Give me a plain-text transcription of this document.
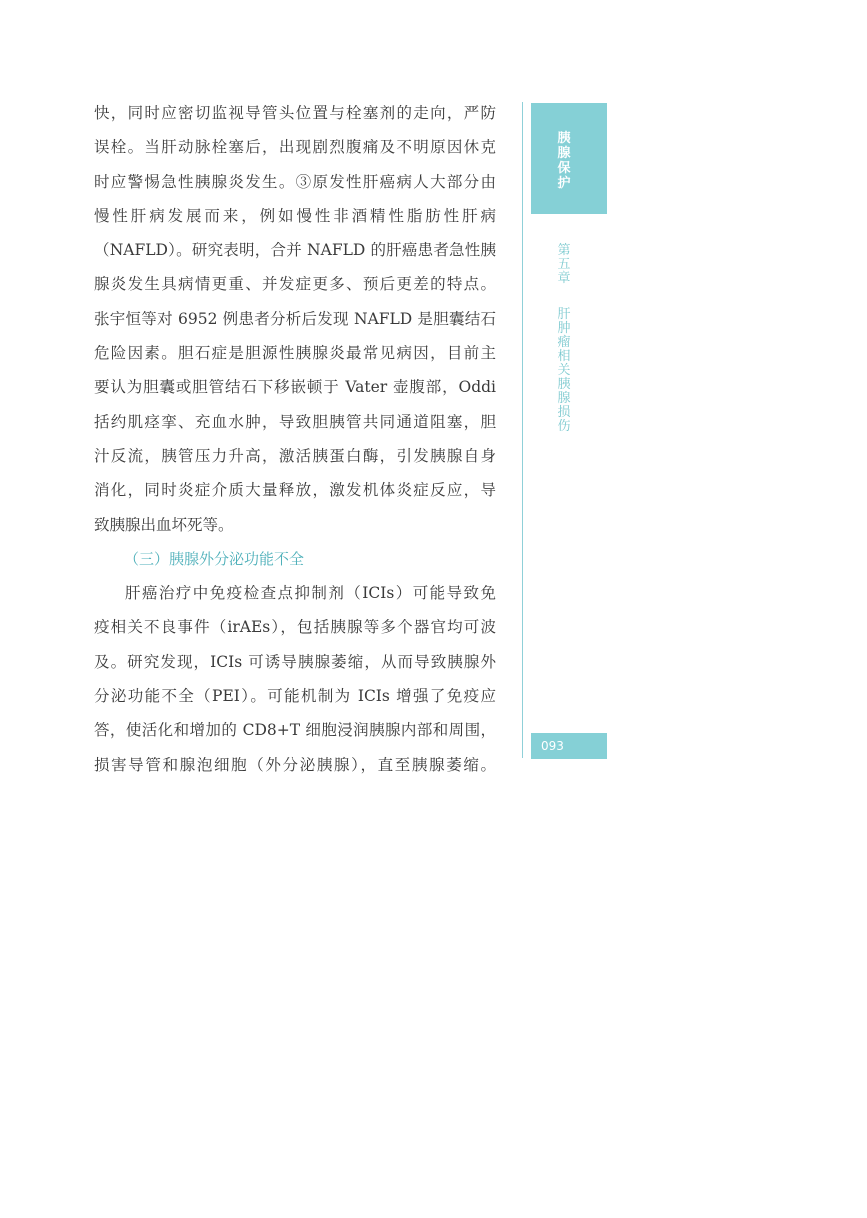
快，同时应密切监视导管头位置与栓塞剂的走向，严防
误栓。当肝动脉栓塞后，出现剧烈腹痛及不明原因休克
时应警惕急性胰腺炎发生。③原发性肝癌病人大部分由
慢性肝病发展而来，例如慢性非酒精性脂肪性肝病
（NAFLD）。研究表明，合并 NAFLD 的肝癌患者急性胰
腺炎发生具病情更重、并发症更多、预后更差的特点。
张宇恒等对 6952 例患者分析后发现 NAFLD 是胆囊结石
危险因素。胆石症是胆源性胰腺炎最常见病因，目前主
要认为胆囊或胆管结石下移嵌顿于 Vater 壶腹部，Oddi
括约肌痉挛、充血水肿，导致胆胰管共同通道阻塞，胆
汁反流，胰管压力升高，激活胰蛋白酶，引发胰腺自身
消化，同时炎症介质大量释放，激发机体炎症反应，导
致胰腺出血坏死等。
（三）胰腺外分泌功能不全
肝癌治疗中免疫检查点抑制剂（ICIs）可能导致免
疫相关不良事件（irAEs），包括胰腺等多个器官均可波
及。研究发现，ICIs 可诱导胰腺萎缩，从而导致胰腺外
分泌功能不全（PEI）。可能机制为 ICIs 增强了免疫应
答，使活化和增加的 CD8+T 细胞浸润胰腺内部和周围，
损害导管和腺泡细胞（外分泌胰腺），直至胰腺萎缩。
胰腺保护
第五章
肝肿瘤相关胰腺损伤
093
